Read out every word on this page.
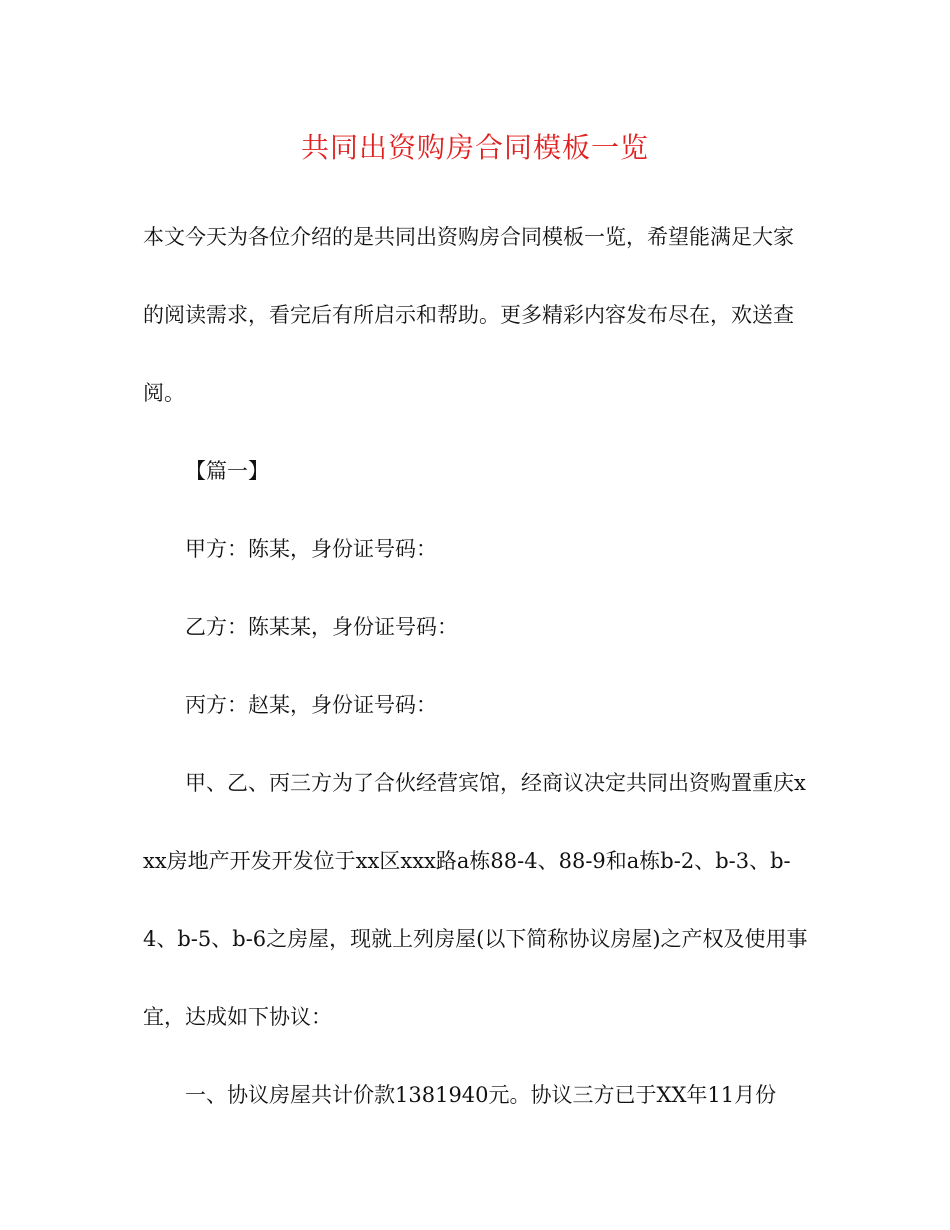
共同出资购房合同模板一览

本文今天为各位介绍的是共同出资购房合同模板一览，希望能满足大家的阅读需求，看完后有所启示和帮助。更多精彩内容发布尽在，欢送查阅。

【篇一】

甲方：陈某，身份证号码：

乙方：陈某某，身份证号码：

丙方：赵某，身份证号码：

甲、乙、丙三方为了合伙经营宾馆，经商议决定共同出资购置重庆xxx房地产开发开发位于xx区xxx路a栋88-4、88-9和a栋b-2、b-3、b-4、b-5、b-6之房屋，现就上列房屋(以下简称协议房屋)之产权及使用事宜，达成如下协议：

一、协议房屋共计价款1381940元。协议三方已于XX年11月份
